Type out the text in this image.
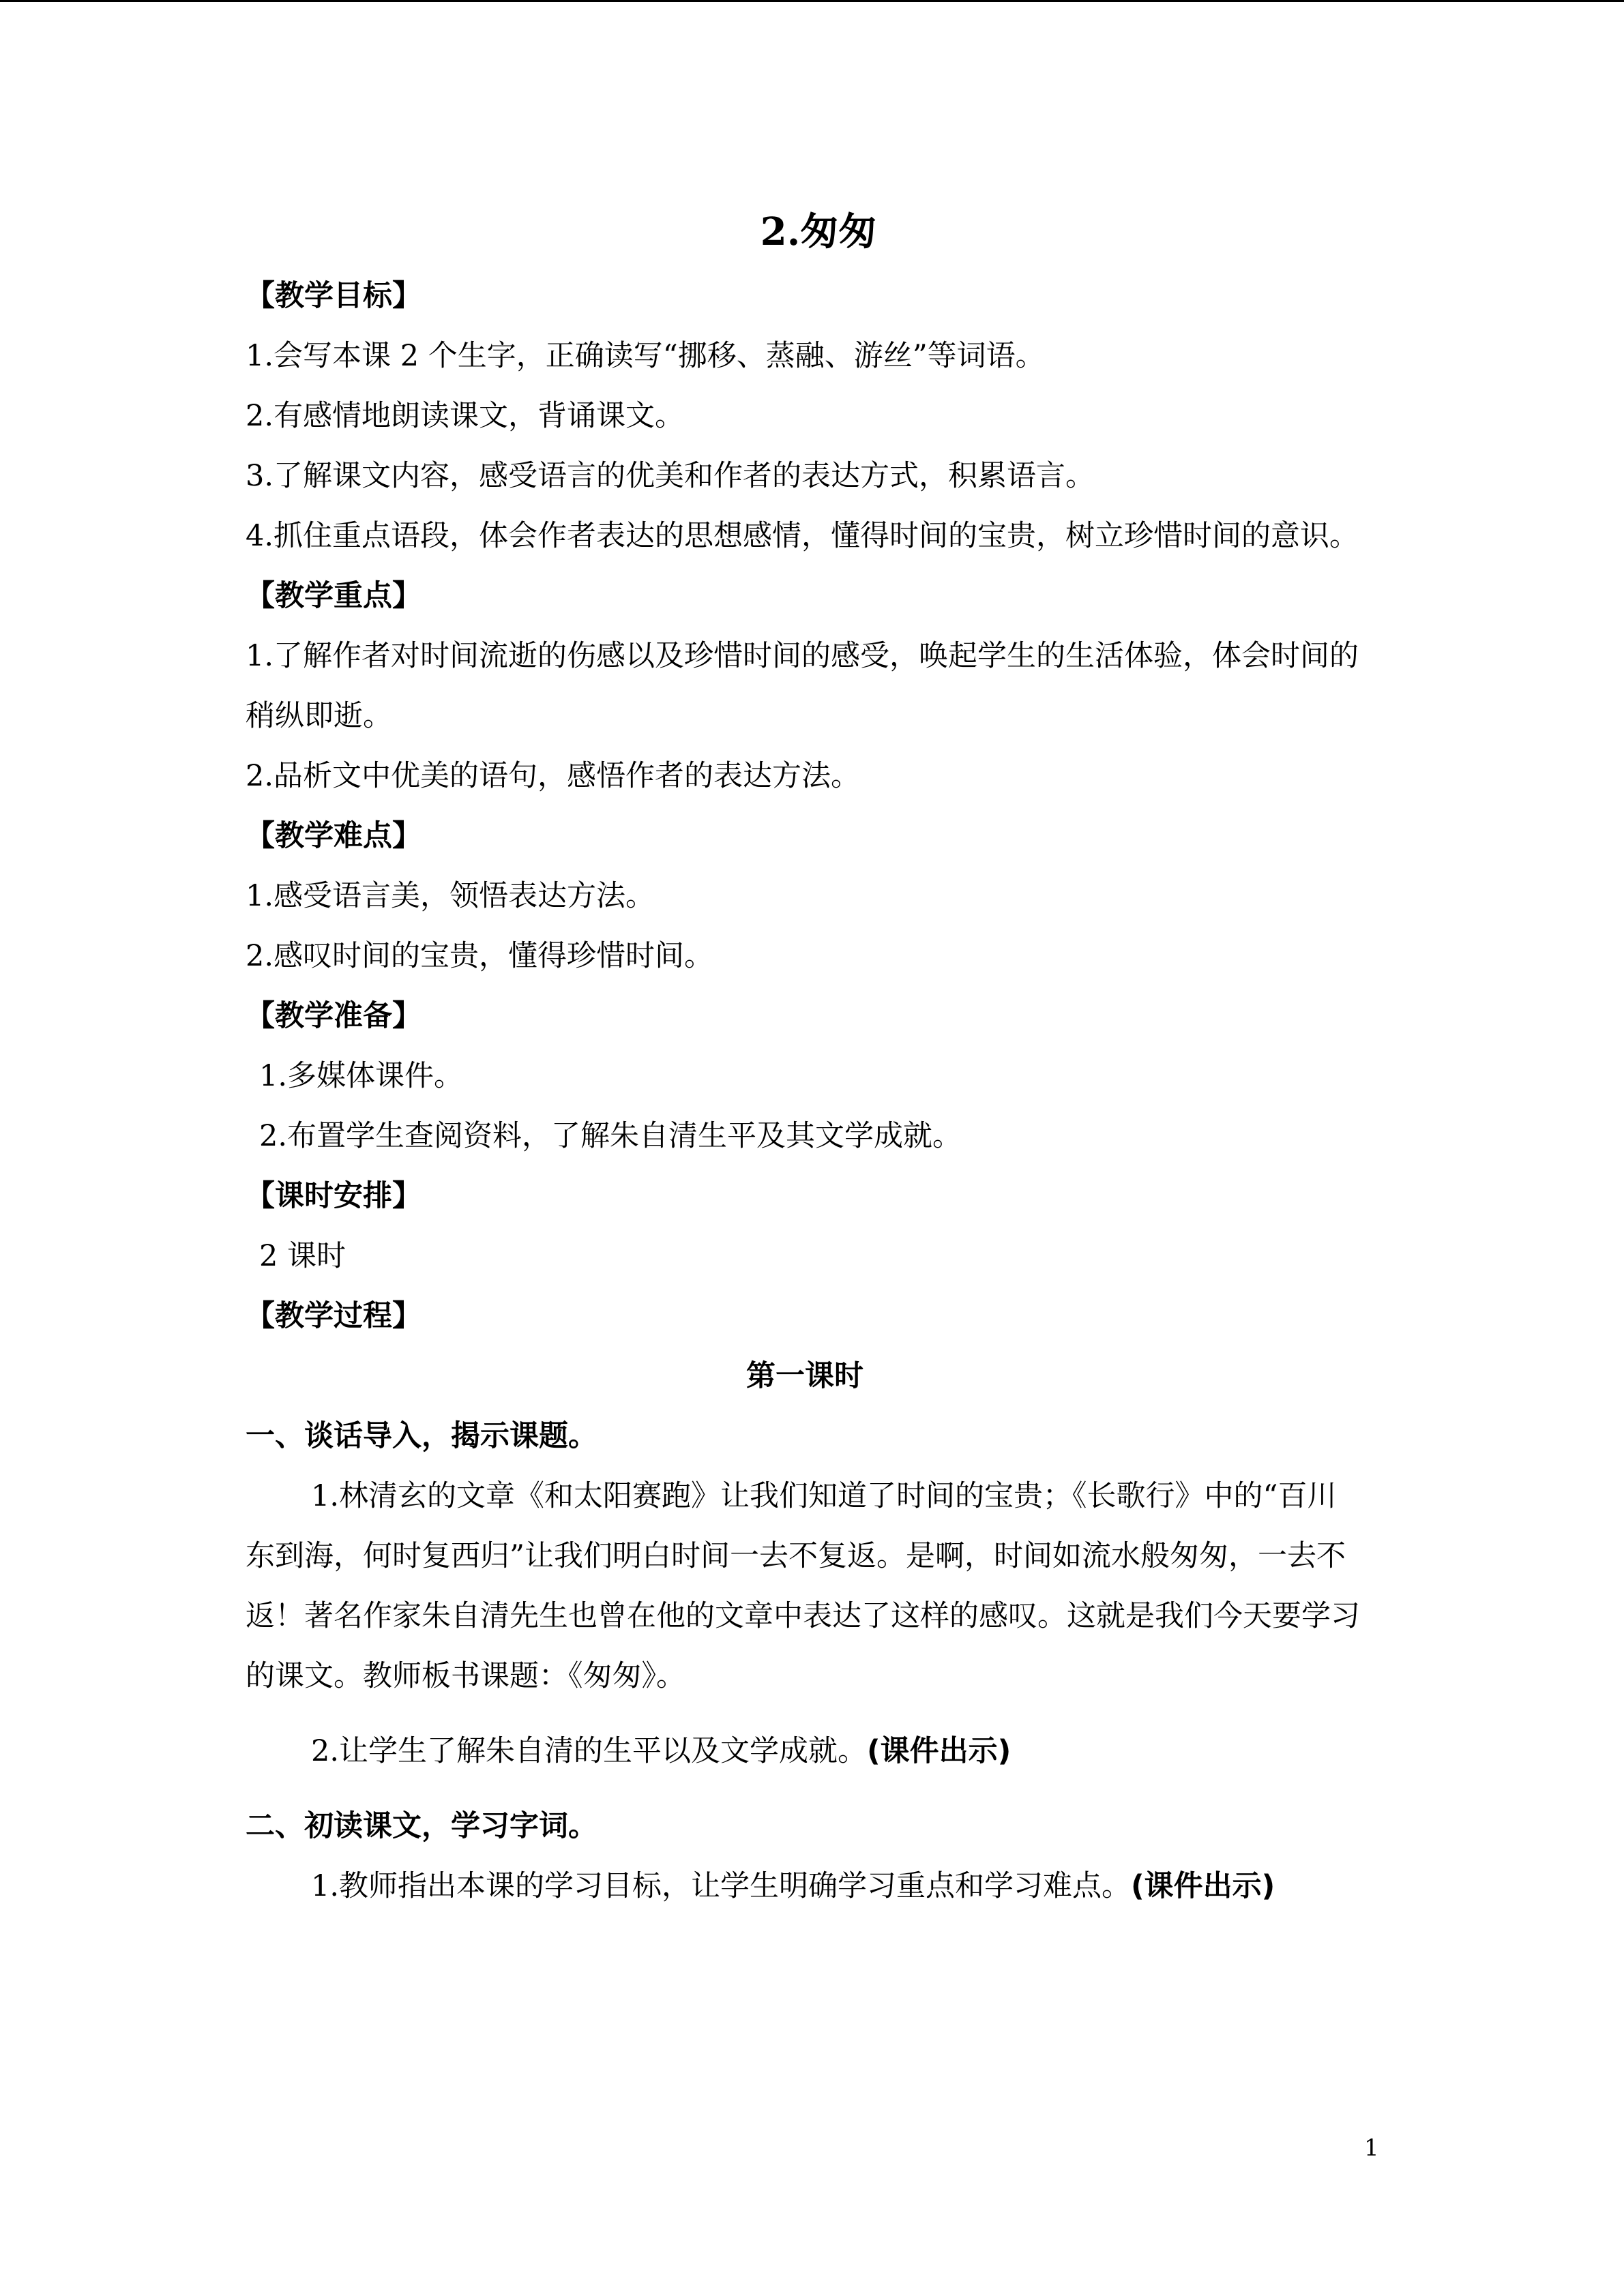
2.匆匆

【教学目标】

1.会写本课 2 个生字，正确读写“挪移、蒸融、游丝”等词语。

2.有感情地朗读课文，背诵课文。

3.了解课文内容，感受语言的优美和作者的表达方式，积累语言。

4.抓住重点语段，体会作者表达的思想感情，懂得时间的宝贵，树立珍惜时间的意识。

【教学重点】

1.了解作者对时间流逝的伤感以及珍惜时间的感受，唤起学生的生活体验，体会时间的稍纵即逝。

2.品析文中优美的语句，感悟作者的表达方法。

【教学难点】

1.感受语言美，领悟表达方法。

2.感叹时间的宝贵，懂得珍惜时间。

【教学准备】

1.多媒体课件。

2.布置学生查阅资料，了解朱自清生平及其文学成就。

【课时安排】

2 课时

【教学过程】

第一课时

一、谈话导入，揭示课题。

1.林清玄的文章《和太阳赛跑》让我们知道了时间的宝贵；《长歌行》中的“百川东到海，何时复西归”让我们明白时间一去不复返。是啊，时间如流水般匆匆，一去不返！著名作家朱自清先生也曾在他的文章中表达了这样的感叹。这就是我们今天要学习的课文。教师板书课题：《匆匆》。

2.让学生了解朱自清的生平以及文学成就。(课件出示)

二、初读课文，学习字词。

1.教师指出本课的学习目标，让学生明确学习重点和学习难点。(课件出示)

1
